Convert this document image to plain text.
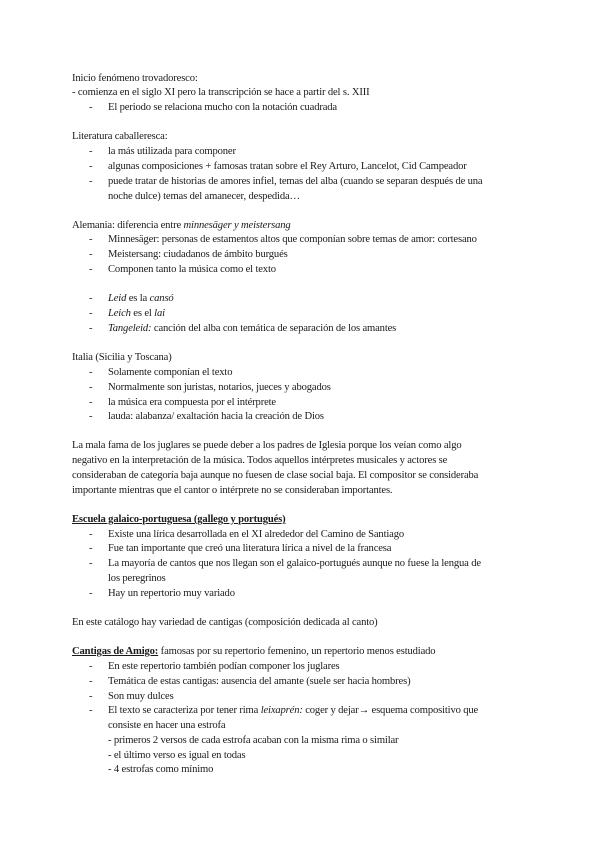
Inicio fenómeno trovadoresco:
- comienza en el siglo XI pero la transcripción se hace a partir del s. XIII
- El periodo se relaciona mucho con la notación cuadrada
Literatura caballeresca:
- la más utilizada para componer
- algunas composiciones + famosas tratan sobre el Rey Arturo, Lancelot, Cid Campeador
- puede tratar de historias de amores infiel, temas del alba (cuando se separan después de una
noche dulce) temas del amanecer, despedida…
Alemania: diferencia entre minnesäger y meistersang
- Minnesäger: personas de estamentos altos que componían sobre temas de amor: cortesano
- Meistersang: ciudadanos de ámbito burgués
- Componen tanto la música como el texto
- Leid es la cansó
- Leich es el lai
- Tangeleid: canción del alba con temática de separación de los amantes
Italia (Sicilia y Toscana)
- Solamente componían el texto
- Normalmente son juristas, notarios, jueces y abogados
- la música era compuesta por el intérprete
- lauda: alabanza/ exaltación hacia la creación de Dios
La mala fama de los juglares se puede deber a los padres de Iglesia porque los veían como algo
negativo en la interpretación de la música. Todos aquellos intérpretes musicales y actores se
consideraban de categoría baja aunque no fuesen de clase social baja. El compositor se consideraba
importante mientras que el cantor o intérprete no se consideraban importantes.
Escuela galaico-portuguesa (gallego y portugués)
- Existe una lírica desarrollada en el XI alrededor del Camino de Santiago
- Fue tan importante que creó una literatura lírica a nivel de la francesa
- La mayoría de cantos que nos llegan son el galaico-portugués aunque no fuese la lengua de
los peregrinos
- Hay un repertorio muy variado
En este catálogo hay variedad de cantigas (composición dedicada al canto)
Cantigas de Amigo: famosas por su repertorio femenino, un repertorio menos estudiado
- En este repertorio también podían componer los juglares
- Temática de estas cantigas: ausencia del amante (suele ser hacia hombres)
- Son muy dulces
- El texto se caracteriza por tener rima leixaprén: coger y dejar→ esquema compositivo que
consiste en hacer una estrofa
- primeros 2 versos de cada estrofa acaban con la misma rima o similar
- el último verso es igual en todas
- 4 estrofas como mínimo
